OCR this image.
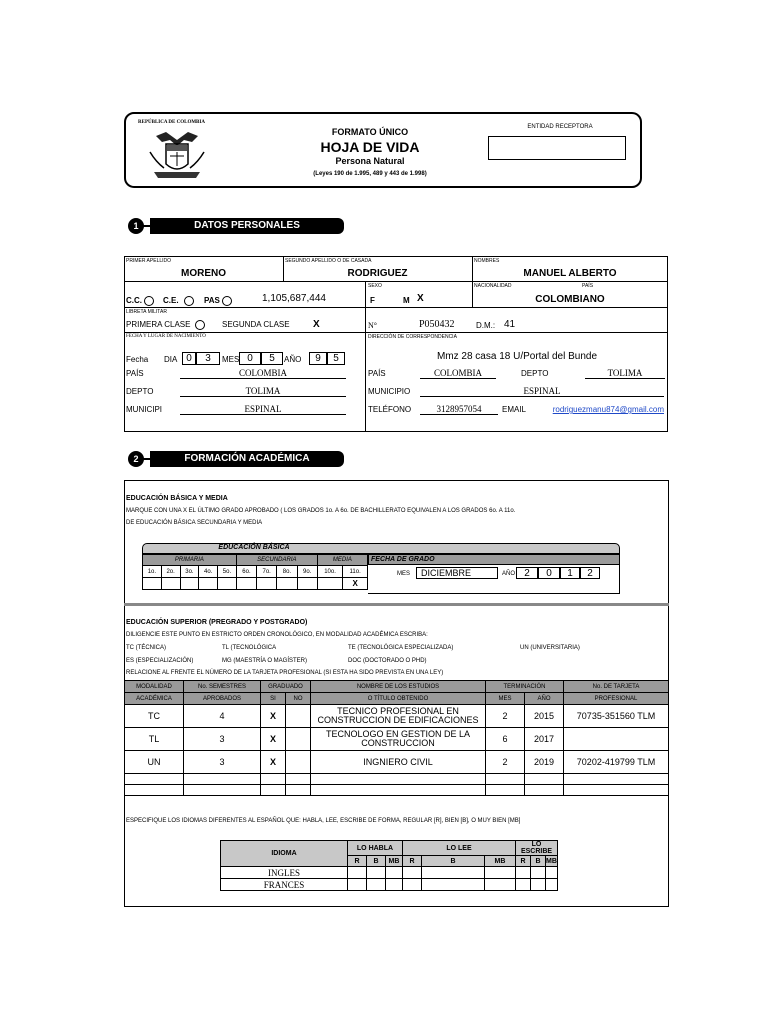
REPÚBLICA DE COLOMBIA
FORMATO ÚNICO
HOJA DE VIDA
Persona Natural
(Leyes 190 de 1.995, 489 y 443 de 1.998)
ENTIDAD RECEPTORA
1	DATOS PERSONALES
PRIMER APELLIDO
MORENO
SEGUNDO APELLIDO O DE CASADA
RODRIGUEZ
NOMBRES
MANUEL ALBERTO
C.C.	C.E.	PAS	1,105,687,444
SEXO
F	M X
NACIONALIDAD	PAÍS
COLOMBIANO
LIBRETA MILITAR
PRIMERA CLASE	SEGUNDA CLASE X	N°	P050432	D.M.: 41
FECHA Y LUGAR DE NACIMIENTO
Fecha DIA 0	3	MES 0	5	AÑO	9	5
PAÍS	COLOMBIA
DEPTO	TOLIMA
MUNICIPI	ESPINAL
DIRECCIÓN DE CORRESPONDENCIA
Mmz 28 casa 18 U/Portal del Bunde
PAÍS	COLOMBIA	DEPTO	TOLIMA
MUNICIPIO	ESPINAL
TELÉFONO	3128957054	EMAIL	rodriguezmanu874@gmail.com
2	FORMACIÓN ACADÉMICA
EDUCACIÓN BÁSICA Y MEDIA
MARQUE CON UNA X EL ÚLTIMO GRADO APROBADO ( LOS GRADOS 1o. A 6o. DE BACHILLERATO EQUIVALEN A LOS GRADOS 6o. A 11o.
DE EDUCACIÓN BÁSICA SECUNDARIA Y MEDIA
EDUCACIÓN BÁSICA
PRIMARIA					SECUNDARIA				MEDIA	
1o.	2o.	3o.	4o.	5o.	6o.	7o.	8o.	9o.	10o.	11o.
										X
FECHA DE GRADO
MES	DICIEMBRE	AÑO 2	0	1	2
EDUCACIÓN SUPERIOR (PREGRADO Y POSTGRADO)
DILIGENCIE ESTE PUNTO EN ESTRICTO ORDEN CRONOLÓGICO, EN MODALIDAD ACADÉMICA ESCRIBA:
TC (TÉCNICA)	TL (TECNOLÓGICA	TE (TECNOLÓGICA ESPECIALIZADA)	UN (UNIVERSITARIA)
ES (ESPECIALIZACIÓN)	MG (MAESTRÍA O MAGÍSTER)	DOC (DOCTORADO O PHD)
RELACIONE AL FRENTE EL NÚMERO DE LA TARJETA PROFESIONAL (SI ESTA HA SIDO PREVISTA EN UNA LEY)
MODALIDAD	No. SEMESTRES	GRADUADO		NOMBRE DE LOS ESTUDIOS	TERMINACIÓN		No. DE TARJETA
ACADÉMICA	APROBADOS	SI	NO	O TÍTULO OBTENIDO	MES	AÑO	PROFESIONAL
TC	4	X		TECNICO PROFESIONAL EN CONSTRUCCION DE EDIFICACIONES	2	2015	70735-351560 TLM
TL	3	X		TECNOLOGO EN GESTION DE LA CONSTRUCCION	6	2017	
UN	3	X		INGNIERO CIVIL	2	2019	70202-419799 TLM

ESPECIFIQUE LOS IDIOMAS DIFERENTES AL ESPAÑOL QUE: HABLA, LEE, ESCRIBE DE FORMA, REGULAR [R], BIEN [B], O MUY BIEN [MB]
IDIOMA	LO HABLA			LO LEE			LO ESCRIBE		
	R	B	MB	R	B	MB	R	B	MB
INGLES									
FRANCES									
